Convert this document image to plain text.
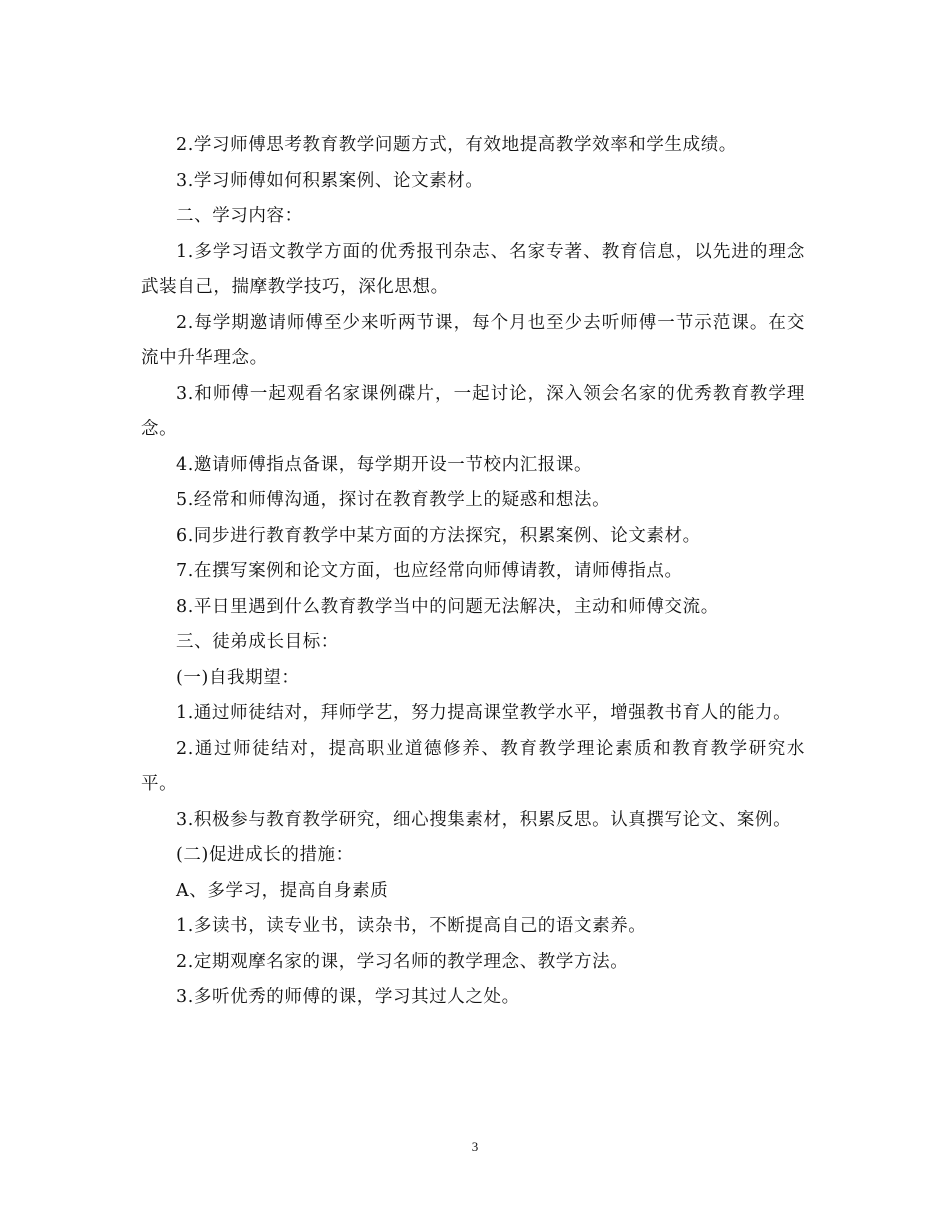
2.学习师傅思考教育教学问题方式，有效地提高教学效率和学生成绩。

3.学习师傅如何积累案例、论文素材。

二、学习内容：

1.多学习语文教学方面的优秀报刊杂志、名家专著、教育信息，以先进的理念武装自己，揣摩教学技巧，深化思想。

2.每学期邀请师傅至少来听两节课，每个月也至少去听师傅一节示范课。在交流中升华理念。

3.和师傅一起观看名家课例碟片，一起讨论，深入领会名家的优秀教育教学理念。

4.邀请师傅指点备课，每学期开设一节校内汇报课。

5.经常和师傅沟通，探讨在教育教学上的疑惑和想法。

6.同步进行教育教学中某方面的方法探究，积累案例、论文素材。

7.在撰写案例和论文方面，也应经常向师傅请教，请师傅指点。

8.平日里遇到什么教育教学当中的问题无法解决，主动和师傅交流。

三、徒弟成长目标：

(一)自我期望：

1.通过师徒结对，拜师学艺，努力提高课堂教学水平，增强教书育人的能力。

2.通过师徒结对，提高职业道德修养、教育教学理论素质和教育教学研究水平。

3.积极参与教育教学研究，细心搜集素材，积累反思。认真撰写论文、案例。

(二)促进成长的措施：

A、多学习，提高自身素质

1.多读书，读专业书，读杂书，不断提高自己的语文素养。

2.定期观摩名家的课，学习名师的教学理念、教学方法。

3.多听优秀的师傅的课，学习其过人之处。

3
